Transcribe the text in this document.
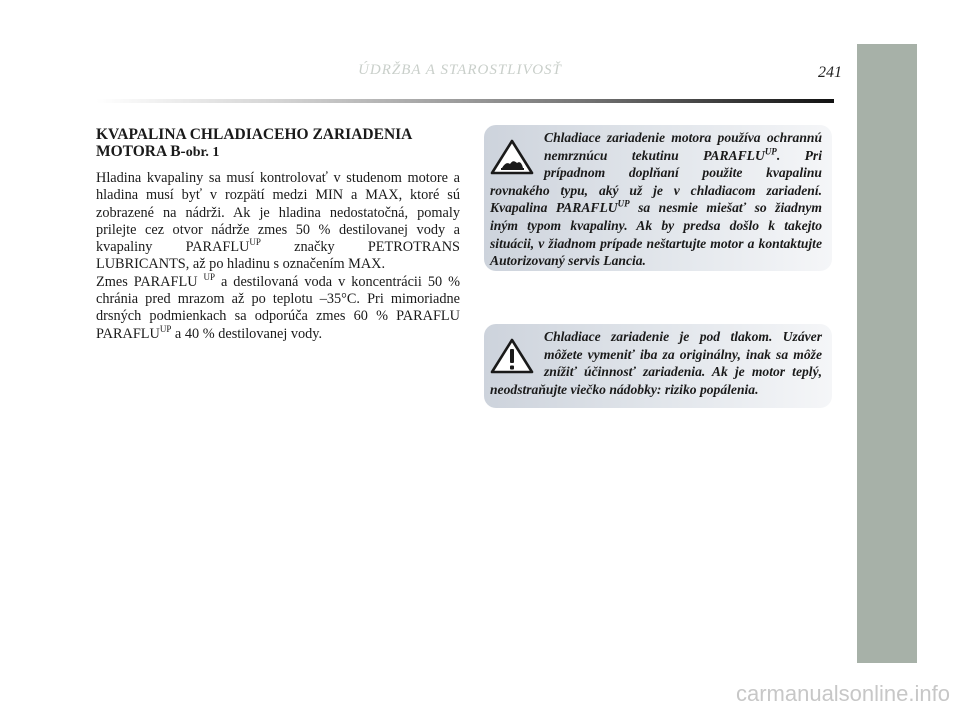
ÚDRŽBA A STAROSTLIVOSŤ	241
KVAPALINA CHLADIACEHO ZARIADENIA
MOTORA B-obr. 1

Hladina kvapaliny sa musí kontrolovať v studenom motore a hladina musí byť v rozpätí medzi MIN a MAX, ktoré sú zobrazené na nádrži. Ak je hladina nedostatočná, pomaly prilejte cez otvor nádrže zmes 50 % destilovanej vody a kvapaliny $PARAFLU^{UP}$ značky PETROTRANS LUBRICANTS, až po hladinu s označením MAX.
Zmes PARAFLU $^{UP}$ a destilovaná voda v koncentrácii 50 % chránia pred mrazom až po teplotu –35°C. Pri mimoriadne drsných podmienkach sa odporúča zmes 60 % PARAFLU $PARAFLU^{UP}$ a 40 % destilovanej vody.

Chladiace zariadenie motora používa ochrannú nemrznúcu tekutinu $PARAFLU^{UP}$. Pri prípadnom doplňaní použite kvapalinu rovnakého typu, aký už je v chladiacom zariadení. Kvapalina $PARAFLU^{UP}$ sa nesmie miešať so žiadnym iným typom kvapaliny. Ak by predsa došlo k takejto situácii, v žiadnom prípade neštartujte motor a kontaktujte Autorizovaný servis Lancia.

Chladiace zariadenie je pod tlakom. Uzáver môžete vymeniť iba za originálny, inak sa môže znížiť účinnosť zariadenia. Ak je motor teplý, neodstraňujte viečko nádobky: riziko popálenia.

carmanualsonline.info
